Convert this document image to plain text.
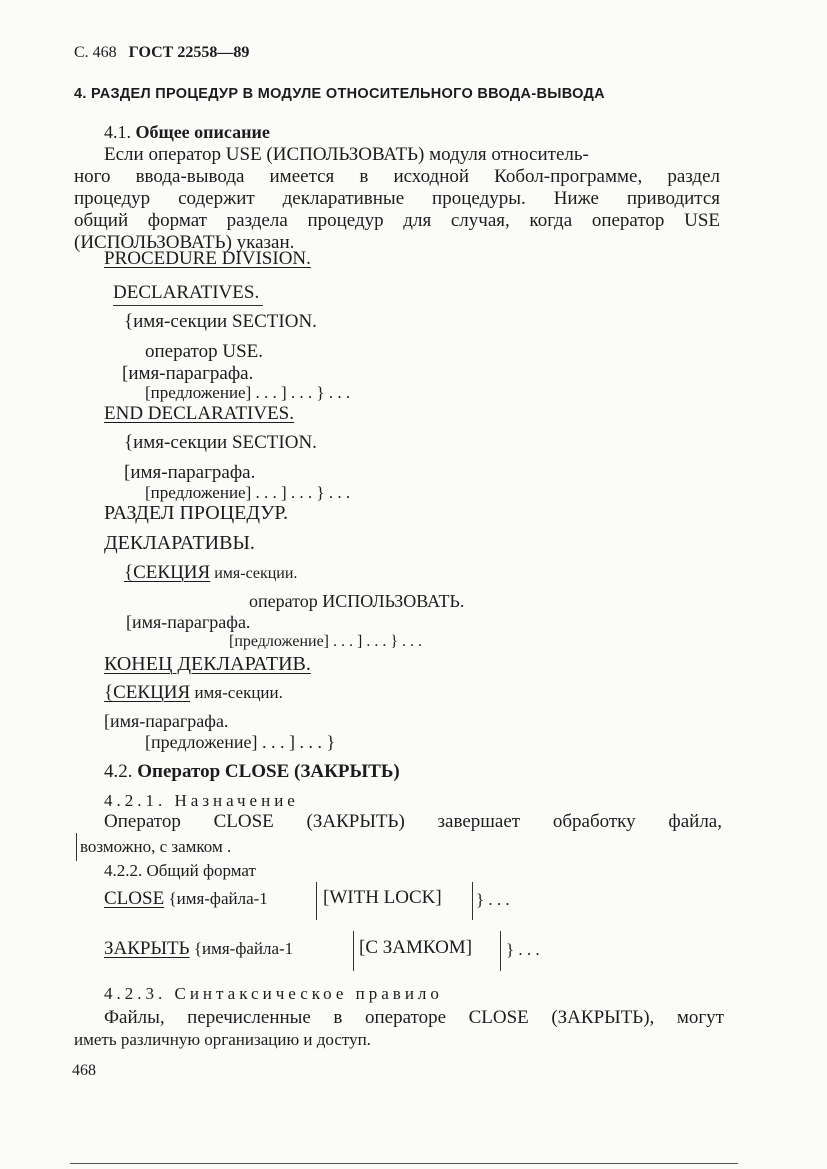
С. 468 ГОСТ 22558—89
4. РАЗДЕЛ ПРОЦЕДУР В МОДУЛЕ ОТНОСИТЕЛЬНОГО ВВОДА-ВЫВОДА
4.1. Общее описание
Если оператор USE (ИСПОЛЬЗОВАТЬ) модуля относитель-
ного ввода-вывода имеется в исходной Кобол-программе, раздел
процедур содержит декларативные процедуры. Ниже приводится
общий формат раздела процедур для случая, когда оператор USE
(ИСПОЛЬЗОВАТЬ) указан.
PROCEDURE DIVISION.
DECLARATIVES.
{имя-секции SECTION.
оператор USE.
[имя-параграфа.
[предложение] . . . ] . . . } . . .
END DECLARATIVES.
{имя-секции SECTION.
[имя-параграфа.
[предложение] . . . ] . . . } . . .
РАЗДЕЛ ПРОЦЕДУР.
ДЕКЛАРАТИВЫ.
{СЕКЦИЯ имя-секции.
оператор ИСПОЛЬЗОВАТЬ.
[имя-параграфа.
[предложение] . . . ] . . . } . . .
КОНЕЦ ДЕКЛАРАТИВ.
{СЕКЦИЯ имя-секции.
[имя-параграфа.
[предложение] . . . ] . . . }
4.2. Оператор CLOSE (ЗАКРЫТЬ)
4.2.1. Назначение
Оператор CLOSE (ЗАКРЫТЬ) завершает обработку файла,
возможно, с замком .
4.2.2. Общий формат
CLOSE {имя-файла-1	[WITH LOCK] } . . .
ЗАКРЫТЬ {имя-файла-1	[С ЗАМКОМ] } . . .
4.2.3. Синтаксическое правило
Файлы, перечисленные в операторе CLOSE (ЗАКРЫТЬ), могут
иметь различную организацию и доступ.
468
